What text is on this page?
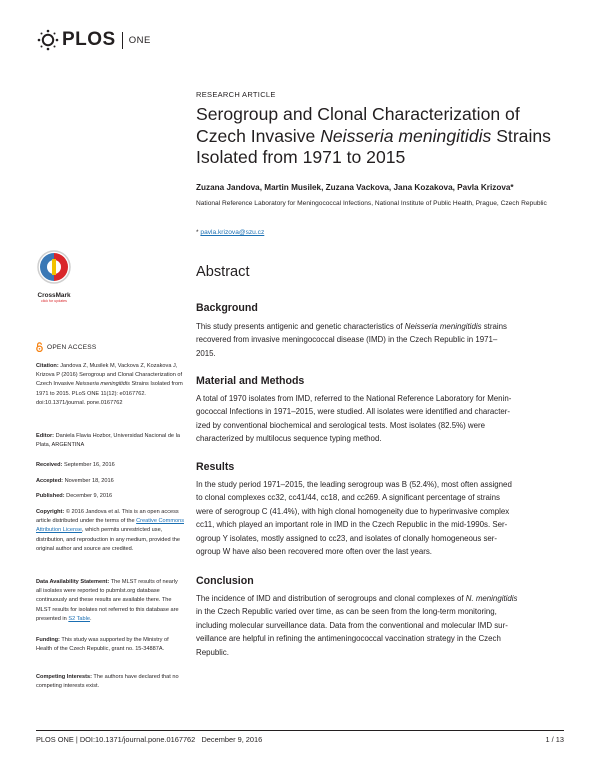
PLOS ONE
RESEARCH ARTICLE
Serogroup and Clonal Characterization of Czech Invasive Neisseria meningitidis Strains Isolated from 1971 to 2015
Zuzana Jandova, Martin Musilek, Zuzana Vackova, Jana Kozakova, Pavla Krizova*
National Reference Laboratory for Meningococcal Infections, National Institute of Public Health, Prague, Czech Republic
* pavla.krizova@szu.cz
Abstract
Background
This study presents antigenic and genetic characteristics of Neisseria meningitidis strains
recovered from invasive meningococcal disease (IMD) in the Czech Republic in 1971–
2015.
Material and Methods
A total of 1970 isolates from IMD, referred to the National Reference Laboratory for Menin-
gococcal Infections in 1971–2015, were studied. All isolates were identified and character-
ized by conventional biochemical and serological tests. Most isolates (82.5%) were
characterized by multilocus sequence typing method.
Results
In the study period 1971–2015, the leading serogroup was B (52.4%), most often assigned
to clonal complexes cc32, cc41/44, cc18, and cc269. A significant percentage of strains
were of serogroup C (41.4%), with high clonal homogeneity due to hyperinvasive complex
cc11, which played an important role in IMD in the Czech Republic in the mid-1990s. Ser-
ogroup Y isolates, mostly assigned to cc23, and isolates of clonally homogeneous ser-
ogroup W have also been recovered more often over the last years.
Conclusion
The incidence of IMD and distribution of serogroups and clonal complexes of N. meningitidis
in the Czech Republic varied over time, as can be seen from the long-term monitoring,
including molecular surveillance data. Data from the conventional and molecular IMD sur-
veillance are helpful in refining the antimeningococcal vaccination strategy in the Czech
Republic.
CrossMark
click for updates
OPEN ACCESS
Citation: Jandova Z, Musilek M, Vackova Z, Kozakova J, Krizova P (2016) Serogroup and Clonal Characterization of Czech Invasive Neisseria meningitidis Strains Isolated from 1971 to 2015. PLoS ONE 11(12): e0167762. doi:10.1371/journal. pone.0167762
Editor: Daniela Flavia Hozbor, Universidad Nacional de la Plata, ARGENTINA
Received: September 16, 2016
Accepted: November 18, 2016
Published: December 9, 2016
Copyright: © 2016 Jandova et al. This is an open access article distributed under the terms of the Creative Commons Attribution License, which permits unrestricted use, distribution, and reproduction in any medium, provided the original author and source are credited.
Data Availability Statement: The MLST results of nearly all isolates were reported to pubmlst.org database continuously and these results are available there. The MLST results for isolates not referred to this database are presented in S2 Table.
Funding: This study was supported by the Ministry of Health of the Czech Republic, grant no. 15-34887A.
Competing Interests: The authors have declared that no competing interests exist.
PLOS ONE | DOI:10.1371/journal.pone.0167762   December 9, 2016	1 / 13
